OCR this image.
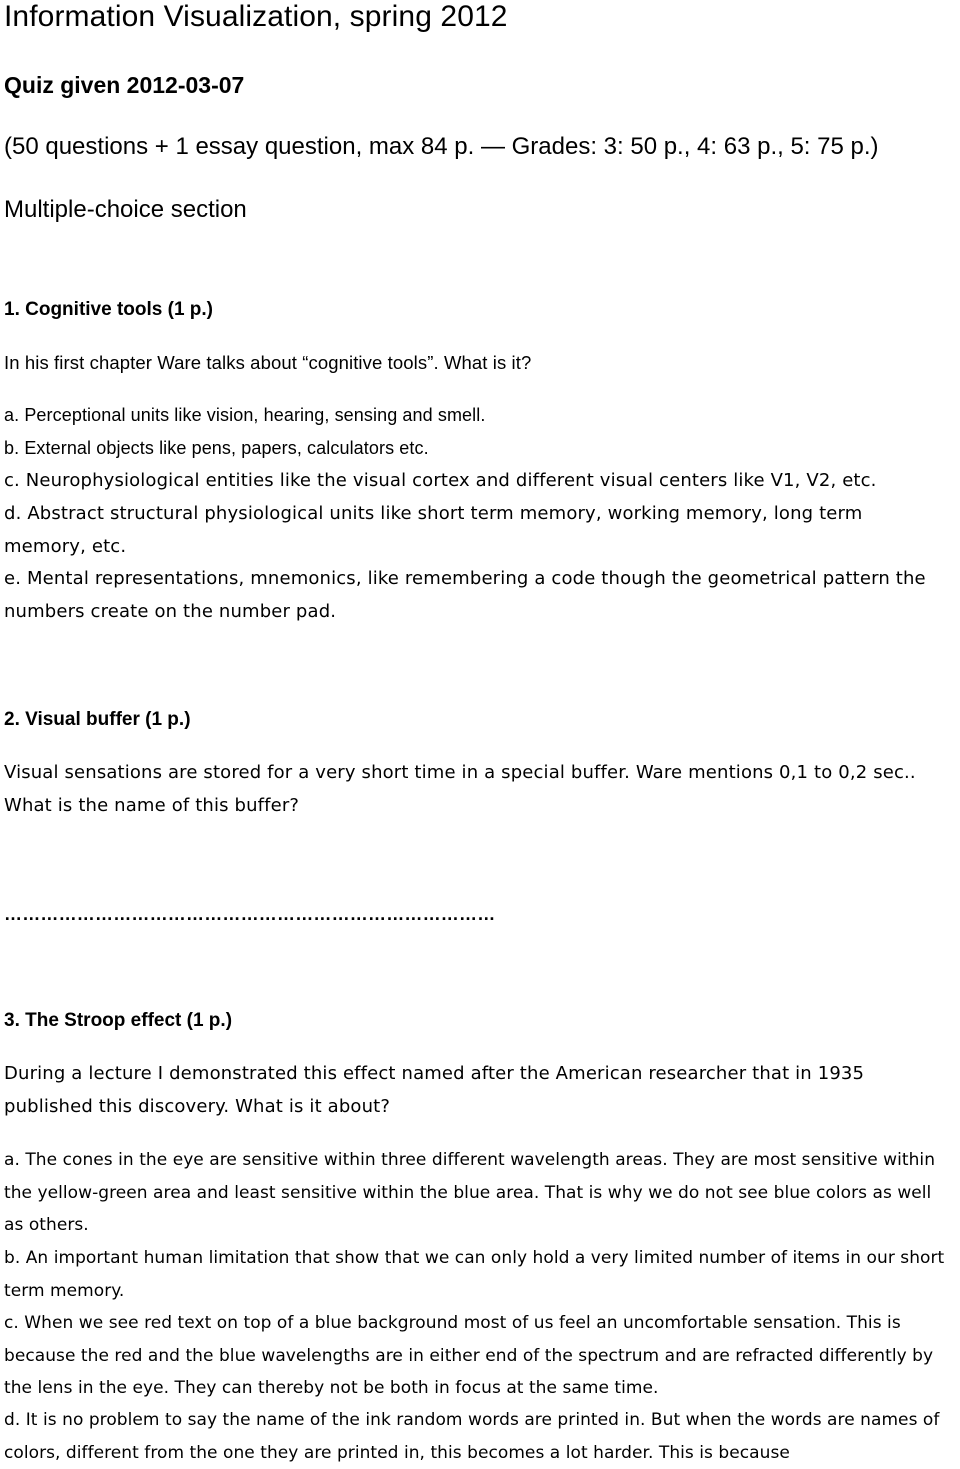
Information Visualization, spring 2012
Quiz given 2012-03-07
(50 questions + 1 essay question, max 84 p. — Grades: 3: 50 p., 4: 63 p., 5: 75 p.)
Multiple-choice section
1. Cognitive tools (1 p.)
In his first chapter Ware talks about “cognitive tools”. What is it?
a. Perceptional units like vision, hearing, sensing and smell.
b. External objects like pens, papers, calculators etc.
c. Neurophysiological entities like the visual cortex and different visual centers like V1, V2, etc.
d. Abstract structural physiological units like short term memory, working memory, long term memory, etc.
e. Mental representations, mnemonics, like remembering a code though the geometrical pattern the numbers create on the number pad.
2. Visual buffer (1 p.)
Visual sensations are stored for a very short time in a special buffer. Ware mentions 0,1 to 0,2 sec.. What is the name of this buffer?
………………………………………………………………………
3. The Stroop effect (1 p.)
During a lecture I demonstrated this effect named after the American researcher that in 1935 published this discovery. What is it about?
a. The cones in the eye are sensitive within three different wavelength areas. They are most sensitive within the yellow-green area and least sensitive within the blue area. That is why we do not see blue colors as well as others.
b. An important human limitation that show that we can only hold a very limited number of items in our short term memory.
c. When we see red text on top of a blue background most of us feel an uncomfortable sensation. This is because the red and the blue wavelengths are in either end of the spectrum and are refracted differently by the lens in the eye. They can thereby not be both in focus at the same time.
d. It is no problem to say the name of the ink random words are printed in. But when the words are names of colors, different from the one they are printed in, this becomes a lot harder. This is because
